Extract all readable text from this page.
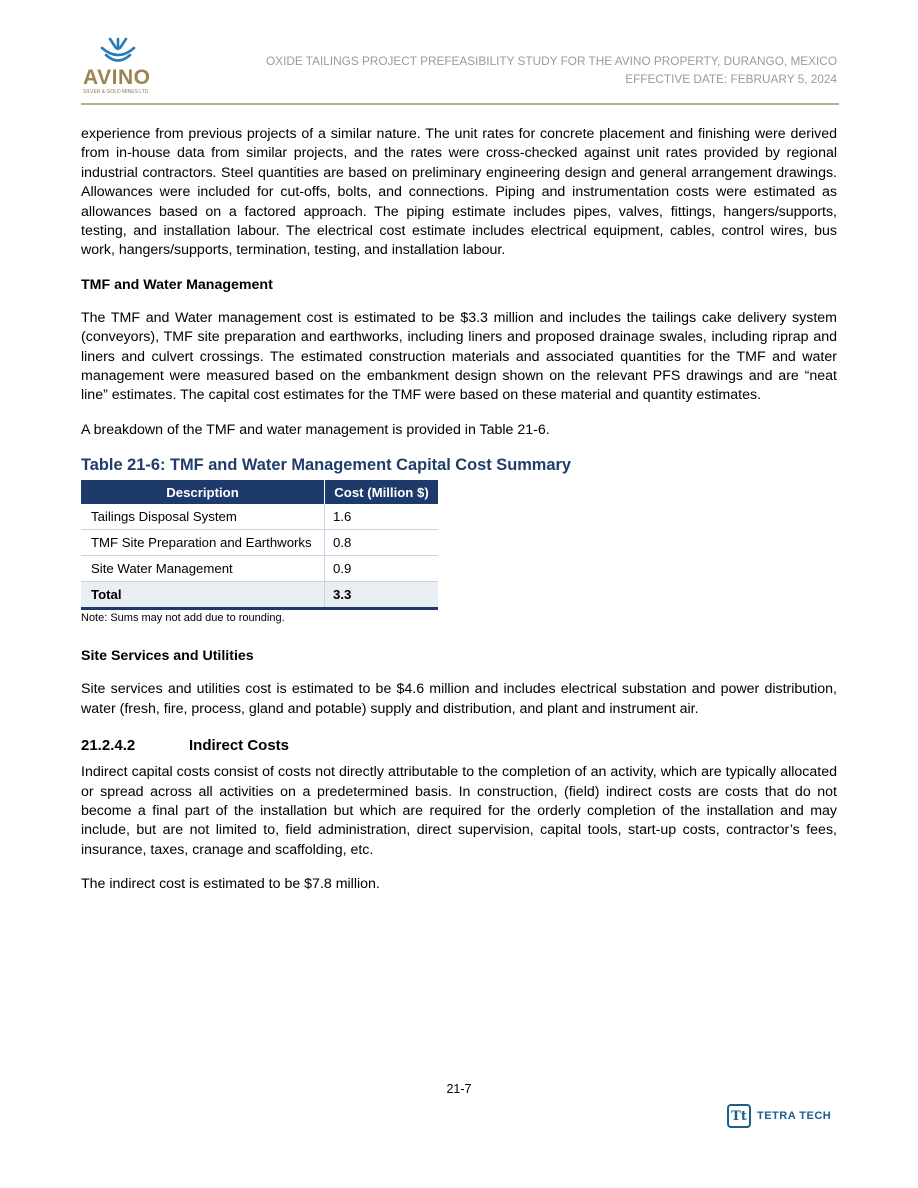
AVINO
SILVER & GOLD MINES LTD.
OXIDE TAILINGS PROJECT PREFEASIBILITY STUDY FOR THE AVINO PROPERTY, DURANGO, MEXICO
EFFECTIVE DATE: FEBRUARY 5, 2024

experience from previous projects of a similar nature. The unit rates for concrete placement and finishing were derived from in-house data from similar projects, and the rates were cross-checked against unit rates provided by regional industrial contractors. Steel quantities are based on preliminary engineering design and general arrangement drawings. Allowances were included for cut-offs, bolts, and connections. Piping and instrumentation costs were estimated as allowances based on a factored approach. The piping estimate includes pipes, valves, fittings, hangers/supports, testing, and installation labour. The electrical cost estimate includes electrical equipment, cables, control wires, bus work, hangers/supports, termination, testing, and installation labour.

TMF and Water Management

The TMF and Water management cost is estimated to be $3.3 million and includes the tailings cake delivery system (conveyors), TMF site preparation and earthworks, including liners and proposed drainage swales, including riprap and liners and culvert crossings. The estimated construction materials and associated quantities for the TMF and water management were measured based on the embankment design shown on the relevant PFS drawings and are “neat line” estimates. The capital cost estimates for the TMF were based on these material and quantity estimates.

A breakdown of the TMF and water management is provided in Table 21-6.

Table 21-6: TMF and Water Management Capital Cost Summary
Description	Cost (Million $)
Tailings Disposal System	1.6
TMF Site Preparation and Earthworks	0.8
Site Water Management	0.9
Total	3.3
Note: Sums may not add due to rounding.
Site Services and Utilities

Site services and utilities cost is estimated to be $4.6 million and includes electrical substation and power distribution, water (fresh, fire, process, gland and potable) supply and distribution, and plant and instrument air.

21.2.4.2	Indirect Costs

Indirect capital costs consist of costs not directly attributable to the completion of an activity, which are typically allocated or spread across all activities on a predetermined basis. In construction, (field) indirect costs are costs that do not become a final part of the installation but which are required for the orderly completion of the installation and may include, but are not limited to, field administration, direct supervision, capital tools, start-up costs, contractor’s fees, insurance, taxes, cranage and scaffolding, etc.

The indirect cost is estimated to be $7.8 million.

21-7
Tt TETRA TECH
